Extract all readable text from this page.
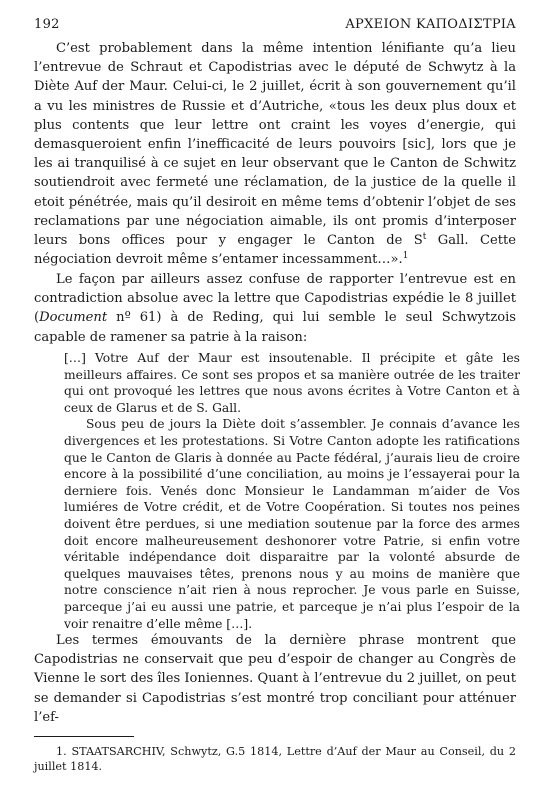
192	ΑΡΧΕΙΟΝ ΚΑΠΟΔΙΣΤΡΙΑ

C’est probablement dans la même intention lénifiante qu’a lieu l’entrevue de Schraut et Capodistrias avec le député de Schwytz à la Diète Auf der Maur. Celui-ci, le 2 juillet, écrit à son gouvernement qu’il a vu les ministres de Russie et d’Autriche, «tous les deux plus doux et plus contents que leur lettre ont craint les voyes d’energie, qui demasqueroient enfin l’inefficacité de leurs pouvoirs [sic], lors que je les ai tranquilisé à ce sujet en leur observant que le Canton de Schwitz soutiendroit avec fermeté une réclamation, de la justice de la quelle il etoit pénétrée, mais qu’il desiroit en même tems d’obtenir l’objet de ses reclamations par une négociation aimable, ils ont promis d’interposer leurs bons offices pour y engager le Canton de $S^t$ Gall. Cette négociation devroit même s’entamer incessamment…».$^1$

Le façon par ailleurs assez confuse de rapporter l’entrevue est en contradiction absolue avec la lettre que Capodistrias expédie le 8 juillet (Document nº 61) à de Reding, qui lui semble le seul Schwytzois capable de ramener sa patrie à la raison:

[…] Votre Auf der Maur est insoutenable. Il précipite et gâte les meilleurs affaires. Ce sont ses propos et sa manière outrée de les traiter qui ont provoqué les lettres que nous avons écrites à Votre Canton et à ceux de Glarus et de S. Gall.

Sous peu de jours la Diète doit s’assembler. Je connais d’avance les divergences et les protestations. Si Votre Canton adopte les ratifications que le Canton de Glaris à donnée au Pacte fédéral, j’aurais lieu de croire encore à la possibilité d’une conciliation, au moins je l’essayerai pour la derniere fois. Venés donc Monsieur le Landamman m’aider de Vos lumiéres de Votre crédit, et de Votre Coopération. Si toutes nos peines doivent être perdues, si une mediation soutenue par la force des armes doit encore malheureusement deshonorer votre Patrie, si enfin votre véritable indépendance doit disparaitre par la volonté absurde de quelques mauvaises têtes, prenons nous y au moins de manière que notre conscience n’ait rien à nous reprocher. Je vous parle en Suisse, parceque j’ai eu aussi une patrie, et parceque je n’ai plus l’espoir de la voir renaitre d’elle même […].

Les termes émouvants de la dernière phrase montrent que Capodistrias ne conservait que peu d’espoir de changer au Congrès de Vienne le sort des îles Ioniennes. Quant à l’entrevue du 2 juillet, on peut se demander si Capodistrias s’est montré trop conciliant pour atténuer l’ef-

1. STAATSARCHIV, Schwytz, G.5 1814, Lettre d’Auf der Maur au Conseil, du 2 juillet 1814.
